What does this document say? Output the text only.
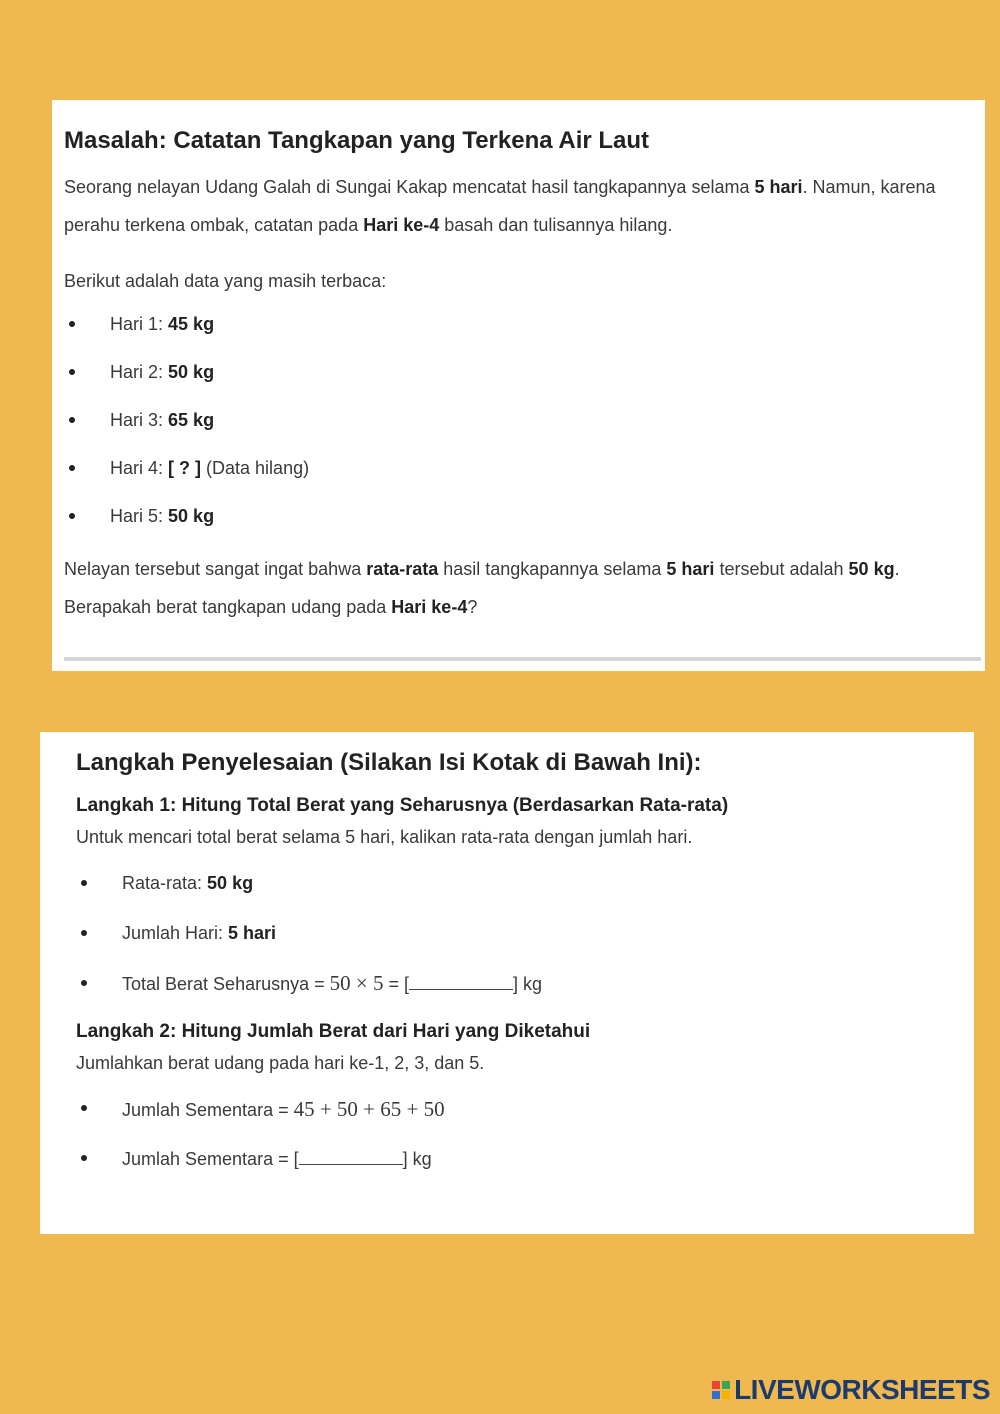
Masalah: Catatan Tangkapan yang Terkena Air Laut

Seorang nelayan Udang Galah di Sungai Kakap mencatat hasil tangkapannya selama 5 hari. Namun, karena perahu terkena ombak, catatan pada Hari ke-4 basah dan tulisannya hilang.

Berikut adalah data yang masih terbaca:

Hari 1: 45 kg
Hari 2: 50 kg
Hari 3: 65 kg
Hari 4: [ ? ] (Data hilang)
Hari 5: 50 kg

Nelayan tersebut sangat ingat bahwa rata-rata hasil tangkapannya selama 5 hari tersebut adalah 50 kg. Berapakah berat tangkapan udang pada Hari ke-4?

Langkah Penyelesaian (Silakan Isi Kotak di Bawah Ini):
Langkah 1: Hitung Total Berat yang Seharusnya (Berdasarkan Rata-rata)

Untuk mencari total berat selama 5 hari, kalikan rata-rata dengan jumlah hari.

Rata-rata: 50 kg
Jumlah Hari: 5 hari
Total Berat Seharusnya = 50 × 5 = [	] kg
Langkah 2: Hitung Jumlah Berat dari Hari yang Diketahui

Jumlahkan berat udang pada hari ke-1, 2, 3, dan 5.

Jumlah Sementara = 45 + 50 + 65 + 50
Jumlah Sementara = [	] kg
LIVEWORKSHEETS
